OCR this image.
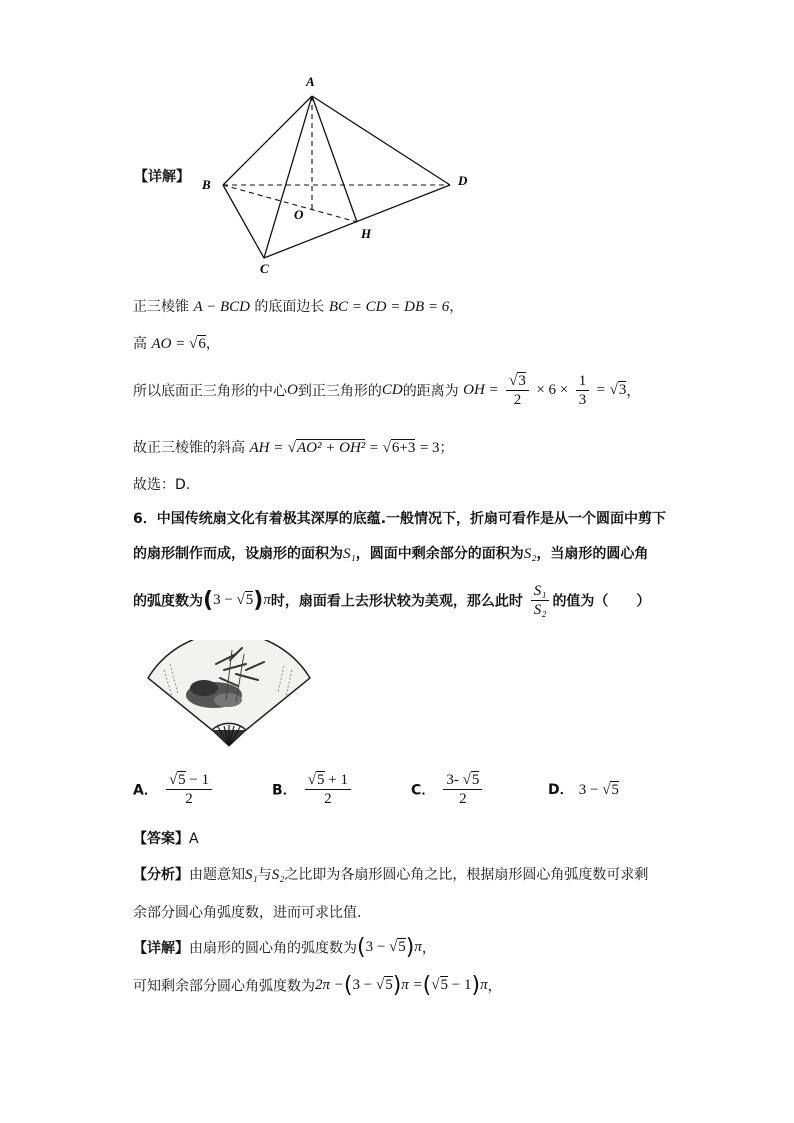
【详解】
A
B
C
D
O
H
正三棱锥 A − BCD 的底面边长 BC = CD = DB = 6，
高 AO = √6，
所以底面正三角形的中心O到正三角形的CD的距离为 OH = $\frac{√3}{2} \times 6 \times \frac{1}{3} = √3$，
故正三棱锥的斜高 AH = √AO² + OH² = √6+3 = 3；
故选：D.
6．中国传统扇文化有着极其深厚的底蕴.一般情况下，折扇可看作是从一个圆面中剪下
的扇形制作而成，设扇形的面积为S₁，圆面中剩余部分的面积为S₂，当扇形的圆心角
的弧度数为(3 − √5)π时，扇面看上去形状较为美观，那么此时 $\frac{\text{S₁}}{\text{S₂}}$ 的值为（　　）
A． $\frac{√5 - 1}{2}$	B． $\frac{√5 + 1}{2}$	C． $\frac{3- √5}{2}$	D． 3 − √5
【答案】A
【分析】由题意知S₁与S₂之比即为各扇形圆心角之比，根据扇形圆心角弧度数可求剩
余部分圆心角弧度数，进而可求比值.
【详解】由扇形的圆心角的弧度数为(3 − √5)π，
可知剩余部分圆心角弧度数为2π −(3 − √5)π =(√5 − 1)π，
